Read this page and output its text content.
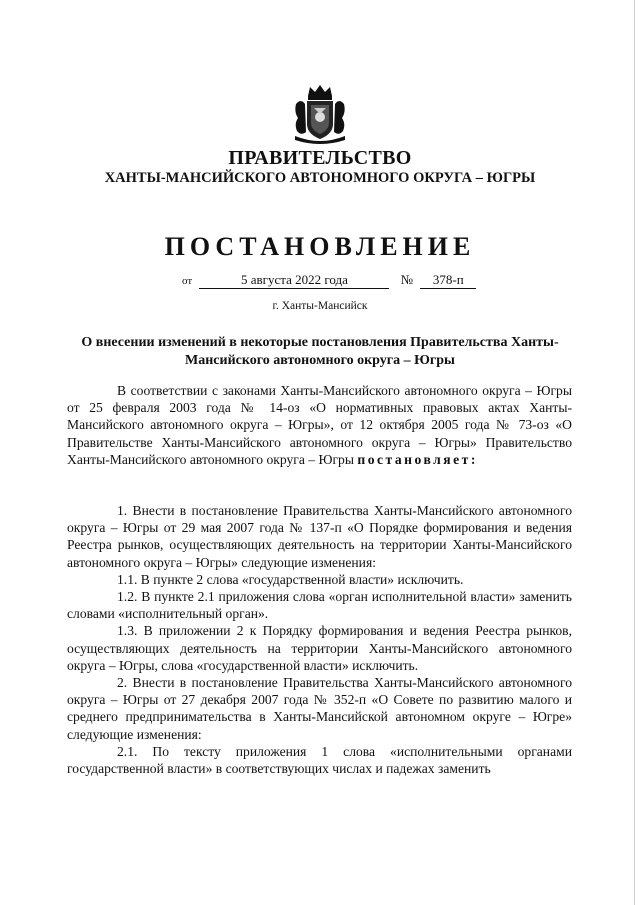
ПРАВИТЕЛЬСТВО
ХАНТЫ-МАНСИЙСКОГО АВТОНОМНОГО ОКРУГА – ЮГРЫ
ПОСТАНОВЛЕНИЕ
от	5 августа 2022 года	№ 378-п
г. Ханты-Мансийск
О внесении изменений в некоторые постановления Правительства Ханты-Мансийского автономного округа – Югры

В соответствии с законами Ханты-Мансийского автономного округа – Югры от 25 февраля 2003 года № 14-оз «О нормативных правовых актах Ханты-Мансийского автономного округа – Югры», от 12 октября 2005 года № 73-оз «О Правительстве Ханты-Мансийского автономного округа – Югры» Правительство Ханты-Мансийского автономного округа – Югры постановляет:

1. Внести в постановление Правительства Ханты-Мансийского автономного округа – Югры от 29 мая 2007 года № 137-п «О Порядке формирования и ведения Реестра рынков, осуществляющих деятельность на территории Ханты-Мансийского автономного округа – Югры» следующие изменения:

1.1. В пункте 2 слова «государственной власти» исключить.

1.2. В пункте 2.1 приложения слова «орган исполнительной власти» заменить словами «исполнительный орган».

1.3. В приложении 2 к Порядку формирования и ведения Реестра рынков, осуществляющих деятельность на территории Ханты-Мансийского автономного округа – Югры, слова «государственной власти» исключить.

2. Внести в постановление Правительства Ханты-Мансийского автономного округа – Югры от 27 декабря 2007 года № 352-п «О Совете по развитию малого и среднего предпринимательства в Ханты-Мансийской автономном округе – Югре» следующие изменения:

2.1. По тексту приложения 1 слова «исполнительными органами государственной власти» в соответствующих числах и падежах заменить
